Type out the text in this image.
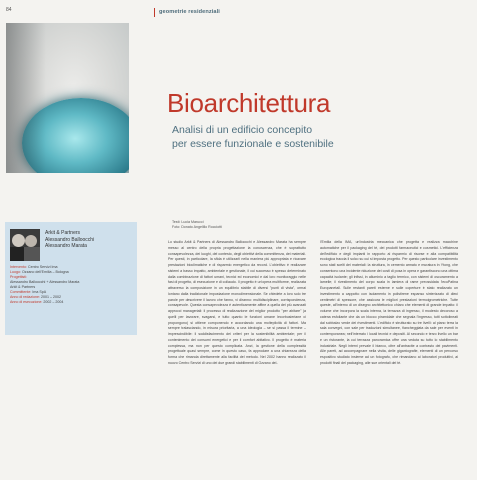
84	geometrie residenziali
Bioarchitettura
Analisi di un edificio concepito
per essere funzionale e sostenibile
Testi: Lucia Marucci
Foto: Donato Angelillo Rocciotti
Arkit & Partners
Alessandro Balloocchi
Alessandro Marata
Intervento: Centro Servizi Ima
Luogo: Ozzano dell'Emilia – Bologna
Progettisti:
Alessandro Balloocchi + Alessandro Marata
Arkit & Partners
Committente: Ima SpA
Anno di redazione: 2001 – 2002
Anno di esecuzione: 2002 – 2004

Lo studio Arkit & Partners di Alessandro Balloocchi e Alessandro Marata ha sempre messo al centro della propria progettazione la conoscenza, che è soprattutto consapevolezza, dei luoghi, del contesto, degli obiettivi della committenza, dei materiali. Per questi, in particolare, la sfida è utilizzarli nella maniera più appropriata e ricavare prestazioni bioclimatiche e di risparmio energetico da record. L'obiettivo è realizzare sistemi a basso impatto, ambientale e gestionale, il cui successo è spesso determinato dalla combinazione di fattori umani, tecnici ed economici e dal loro monitoraggio nelle fasi di progetto, di esecuzione e di collaudo. Il progetto è un'opera multiforme, realizzata attraverso la composizione in un equilibrio stabile di diversi "punti di vista", ormai lontano dalla tradizionale impostazione monodimensionale. Se chiedete a loro solo tre parole per descrivere il lavoro che fanno, vi diranno: multidisciplinare, corrispondenza, consapevole. Questa consapevolezza è autenticamente affine a quella dei più avanzati approcci manageriali: il processo di realizzazione del miglior prodotto "per abitare" (a quelli per lavorare, svagarsi, e tutto quanto le funzioni umane lecorbusieriane ci propongono) si ottiene componendo e accordando una molteplicità di fattori. Ma sempre tralasciando, in misura prioritaria, a una ideologia – se si passa il termine – imprescindibile: il soddisfacimento dei criteri per la sostenibilità ambientale; per il contenimento dei consumi energetici e per il comfort abitativo. Il progetto è materia complessa, ma non per questo complicata. Anzi, la gestione della complessità progettuale quasi sempre, come in questo caso, fa approdare a una chiarezza della forma che rimanda direttamente alla facilità del metodo. Nel 2002 hanno realizzato il nuovo Centro Servizi di uno dei due grandi stabilimenti di Ozzano del-

l'Emilia della IMA, un'industria meccanica che progetta e realizza macchine automatiche per il packaging del tè, dei prodotti farmaceutici e cosmetici. L'efficienza dell'edificio e degli impianti in rapporto al risparmio di risorse e alla compatibilità ecologica traccia il solco su cui si imposta progetto. Per questo particolare investimento sono stati scelti dei materiali: la struttura, in cemento armato e muratura in Ytong, che consentono una incidente riduzione dei costi di posa in opera e garantiscono una ottima capacità isolante; gli infissi, in alluminio a taglio termico, con sistemi di oscuramento a lamelle; il rivestimento del corpo scala in lamiera di rame preossidata l'ecuPatina Europanetall. Sulle restanti pareti esterne e sulle coperture è stato realizzato un investimento a cappotto con isolamento in polistirene espanso sinterizzato di dieci centimetri di spessore, che assicura le migliori prestazioni termoigrometriche. Tutte queste, all'interno di un disegno architettonico chiaro che elementi di grande impatto: il volume che incorpora la scala interna, la terrazza di ingresso, il modesto decoroso a catena esfoliante che da un blocco piramidale che segnala l'ingresso, tutti sottolineati dal sobbalzo verde dei rivestimenti. L'edificio è strutturato su tre livelli: al piano terra la sala convegni, con sale per traduzioni simultanee, fiancheggiata da sale per eventi in contemporanea; nell'interrato i locali tecnici e depositi. Al secondo e terzo livello un bar e un ristorante, la cui terrazza panoramica offre una veduta su tutto lo stabilimento industriale. Negli interni prevale il bianco, oltre all'antracite a contrasto dei pavimenti. Alle pareti, ad accompagnare nella visita, delle gigantografie, elementi di un percorso espositivo studiato insieme ad un fotografo, che rimandano ai laboratori produttivi, ai prodotti finali del packaging, alle sue orientali del tè.
